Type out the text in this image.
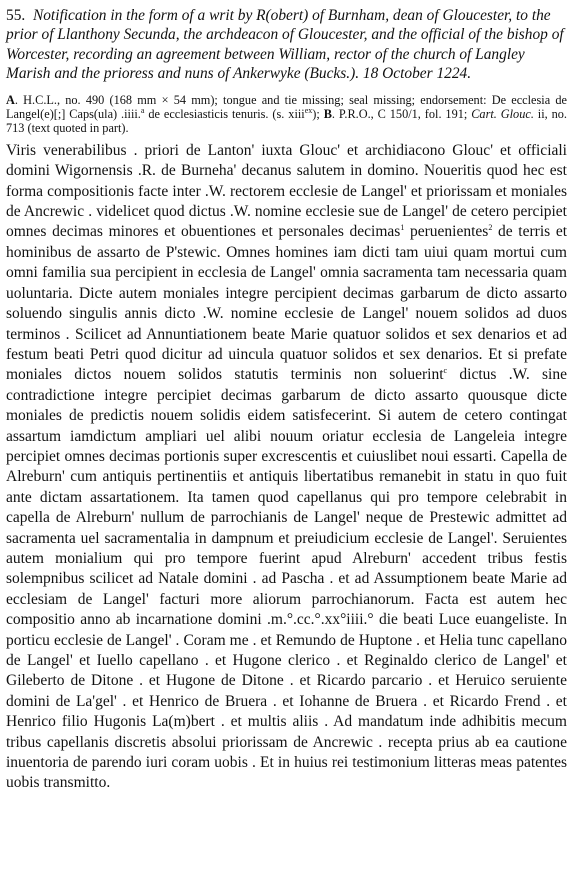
55. Notification in the form of a writ by R(obert) of Burnham, dean of Gloucester, to the prior of Llanthony Secunda, the archdeacon of Gloucester, and the official of the bishop of Worcester, recording an agreement between William, rector of the church of Langley Marish and the prioress and nuns of Ankerwyke (Bucks.). 18 October 1224.

A. H.C.L., no. 490 (168 mm × 54 mm); tongue and tie missing; seal missing; endorsement: De ecclesia de Langel(e)[;] Caps(ula) .iiii.$^a$ de ecclesiasticis tenuris. (s. xiii$^{ex}$); B. P.R.O., C 150/1, fol. 191; Cart. Glouc. ii, no. 713 (text quoted in part).

Viris venerabilibus . priori de Lanton' iuxta Glouc' et archidiacono Glouc' et officiali domini Wigornensis .R. de Burneha' decanus salutem in domino. Noueritis quod hec est forma compositionis facte inter .W. rectorem ecclesie de Langel' et priorissam et moniales de Ancrewic . videlicet quod dictus .W. nomine ecclesie sue de Langel' de cetero percipiet omnes decimas minores et obuentiones et personales decimas$^1$ peruenientes$^2$ de terris et hominibus de assarto de P'stewic. Omnes homines iam dicti tam uiui quam mortui cum omni familia sua percipient in ecclesia de Langel' omnia sacramenta tam necessaria quam uoluntaria. Dicte autem moniales integre percipient decimas garbarum de dicto assarto soluendo singulis annis dicto .W. nomine ecclesie de Langel' nouem solidos ad duos terminos . Scilicet ad Annuntiationem beate Marie quatuor solidos et sex denarios et ad festum beati Petri quod dicitur ad uincula quatuor solidos et sex denarios. Et si prefate moniales dictos nouem solidos statutis terminis non soluerint$^c$ dictus .W. sine contradictione integre percipiet decimas garbarum de dicto assarto quousque dicte moniales de predictis nouem solidis eidem satisfecerint. Si autem de cetero contingat assartum iamdictum ampliari uel alibi nouum oriatur ecclesia de Langeleia integre percipiet omnes decimas portionis super excrescentis et cuiuslibet noui essarti. Capella de Alreburn' cum antiquis pertinentiis et antiquis libertatibus remanebit in statu in quo fuit ante dictam assartationem. Ita tamen quod capellanus qui pro tempore celebrabit in capella de Alreburn' nullum de parrochianis de Langel' neque de Prestewic admittet ad sacramenta uel sacramentalia in dampnum et preiudicium ecclesie de Langel'. Seruientes autem monialium qui pro tempore fuerint apud Alreburn' accedent tribus festis solempnibus scilicet ad Natale domini . ad Pascha . et ad Assumptionem beate Marie ad ecclesiam de Langel' facturi more aliorum parrochianorum. Facta est autem hec compositio anno ab incarnatione domini .m.°.cc.°.xx°iiii.° die beati Luce euangeliste. In porticu ecclesie de Langel' . Coram me . et Remundo de Huptone . et Helia tunc capellano de Langel' et Iuello capellano . et Hugone clerico . et Reginaldo clerico de Langel' et Gileberto de Ditone . et Hugone de Ditone . et Ricardo parcario . et Heruico seruiente domini de La'gel' . et Henrico de Bruera . et Iohanne de Bruera . et Ricardo Frend . et Henrico filio Hugonis La(m)bert . et multis aliis . Ad mandatum inde adhibitis mecum tribus capellanis discretis absolui priorissam de Ancrewic . recepta prius ab ea cautione inuentoria de parendo iuri coram uobis . Et in huius rei testimonium litteras meas patentes uobis transmitto.
